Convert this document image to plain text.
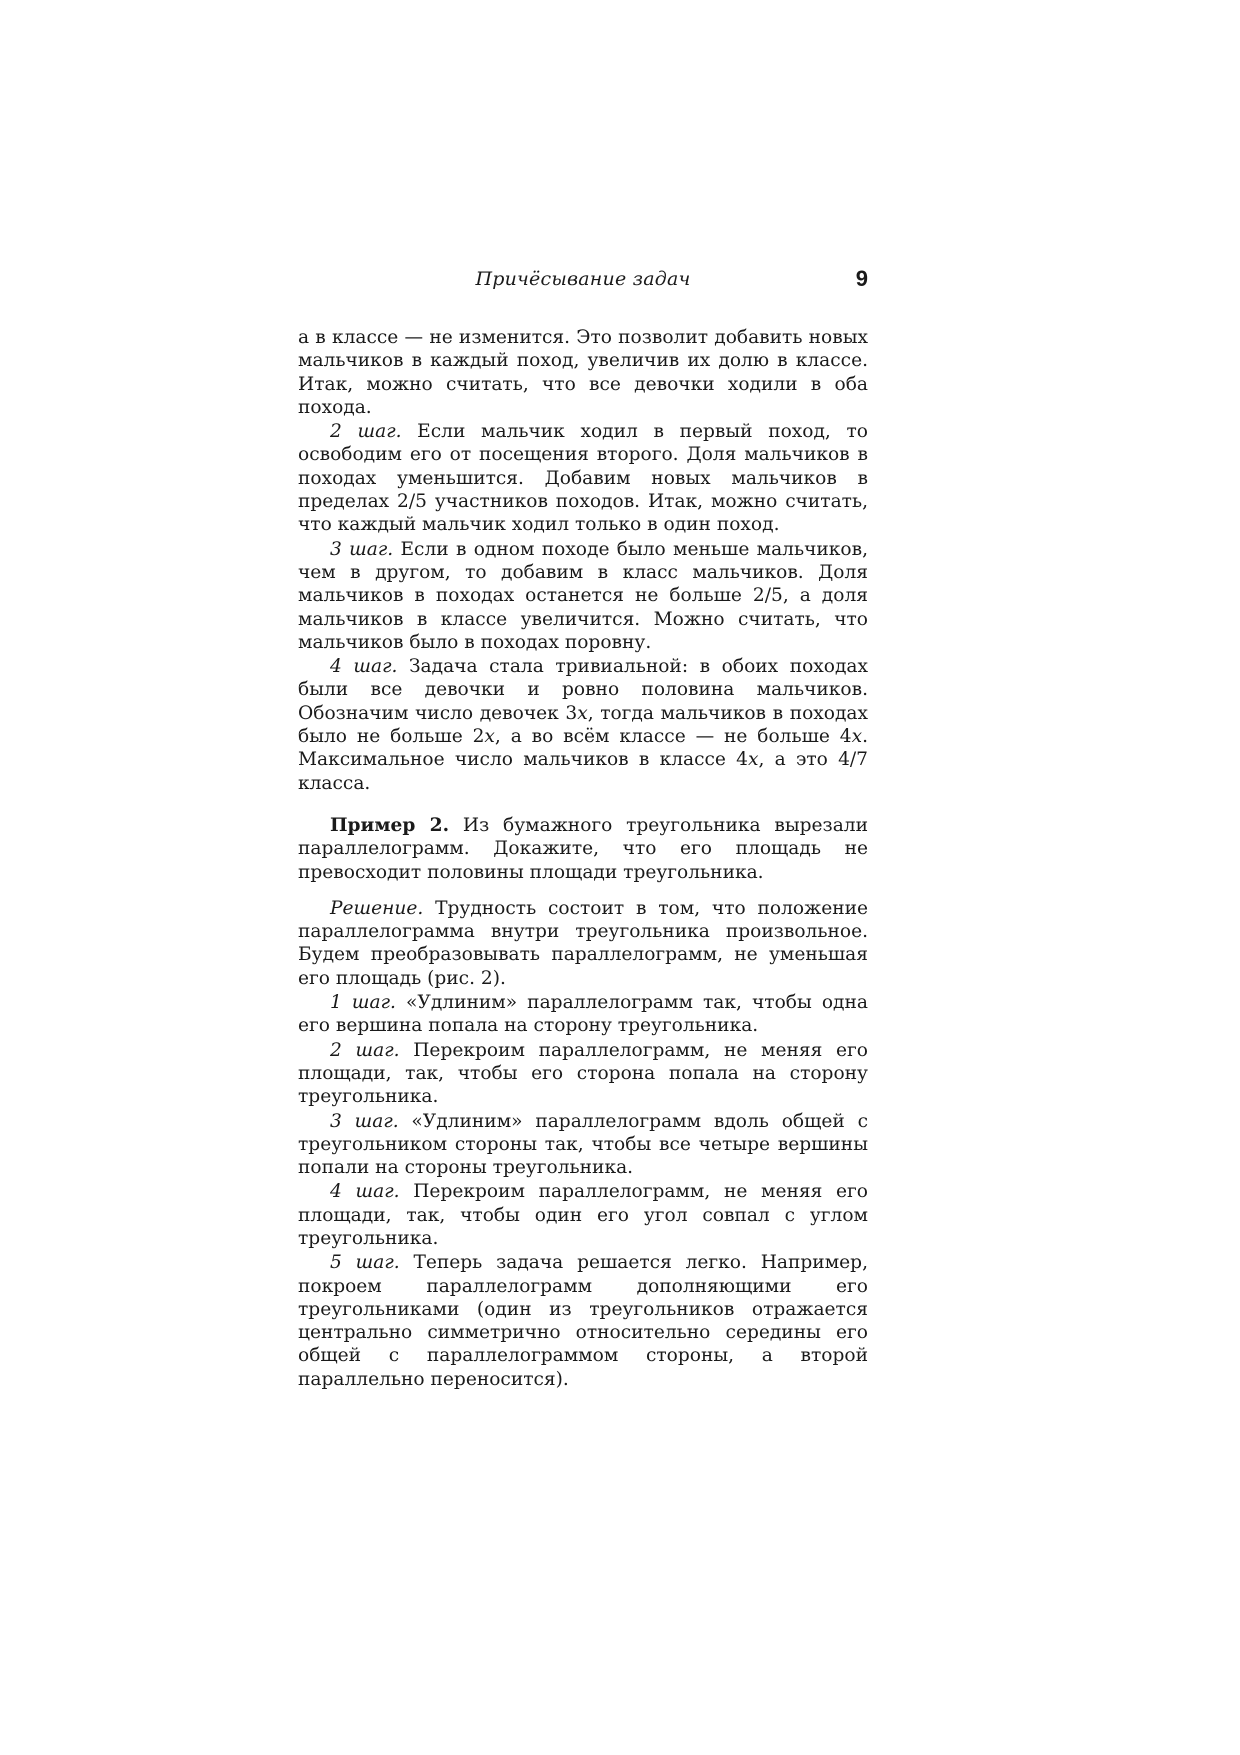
Причёсывание задач	9

а в классе — не изменится. Это позволит добавить новых мальчиков в каждый поход, увеличив их долю в классе. Итак, можно считать, что все девочки ходили в оба похода.

2 шаг. Если мальчик ходил в первый поход, то освободим его от посещения второго. Доля мальчиков в походах уменьшится. Добавим новых мальчиков в пределах 2/5 участников походов. Итак, можно считать, что каждый мальчик ходил только в один поход.

3 шаг. Если в одном походе было меньше мальчиков, чем в другом, то добавим в класс мальчиков. Доля мальчиков в походах останется не больше 2/5, а доля мальчиков в классе увеличится. Можно считать, что мальчиков было в походах поровну.

4 шаг. Задача стала тривиальной: в обоих походах были все девочки и ровно половина мальчиков. Обозначим число девочек 3x, тогда мальчиков в походах было не больше 2x, а во всём классе — не больше 4x. Максимальное число мальчиков в классе 4x, а это 4/7 класса.

Пример 2. Из бумажного треугольника вырезали параллелограмм. Докажите, что его площадь не превосходит половины площади треугольника.

Решение. Трудность состоит в том, что положение параллелограмма внутри треугольника произвольное. Будем преобразовывать параллелограмм, не уменьшая его площадь (рис. 2).

1 шаг. «Удлиним» параллелограмм так, чтобы одна его вершина попала на сторону треугольника.

2 шаг. Перекроим параллелограмм, не меняя его площади, так, чтобы его сторона попала на сторону треугольника.

3 шаг. «Удлиним» параллелограмм вдоль общей с треугольником стороны так, чтобы все четыре вершины попали на стороны треугольника.

4 шаг. Перекроим параллелограмм, не меняя его площади, так, чтобы один его угол совпал с углом треугольника.

5 шаг. Теперь задача решается легко. Например, покроем параллелограмм дополняющими его треугольниками (один из треугольников отражается центрально симметрично относительно середины его общей с параллелограммом стороны, а второй параллельно переносится).
